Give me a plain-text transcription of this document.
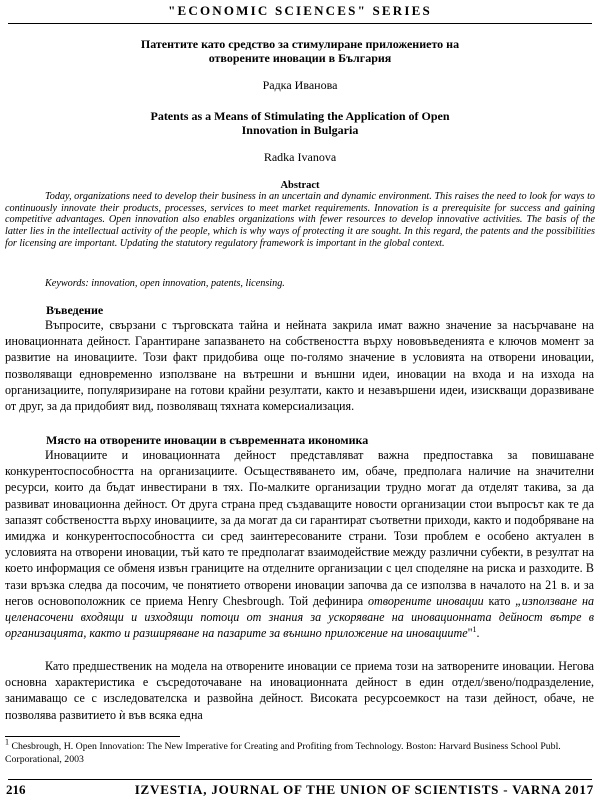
"ECONOMIC SCIENCES" SERIES
Патентите като средство за стимулиране приложението на
отворените иновации в България
Радка Иванова
Patents as a Means of Stimulating the Application of Open
Innovation in Bulgaria
Radka Ivanova
Abstract

Today, organizations need to develop their business in an uncertain and dynamic environment. This raises the need to look for ways to continuously innovate their products, processes, services to meet market requirements. Innovation is a prerequisite for success and gaining competitive advantages. Open innovation also enables organizations with fewer resources to develop innovative activities. The basis of the latter lies in the intellectual activity of the people, which is why ways of protecting it are sought. In this regard, the patents and the possibilities for licensing are important. Updating the statutory regulatory framework is important in the global context.

Keywords: innovation, open innovation, patents, licensing.
Въведение

Въпросите, свързани с търговската тайна и нейната закрила имат важно значение за насърчаване на иновационната дейност. Гарантиране запазването на собствеността върху нововъведенията е ключов момент за развитие на иновациите. Този факт придобива още по-голямо значение в условията на отворени иновации, позволяващи едновременно използване на вътрешни и външни идеи, иновации на входа и на изхода на организациите, популяризиране на готови крайни резултати, както и незавършени идеи, изискващи доразвиване от друг, за да придобият вид, позволяващ тяхната комерсиализация.

Място на отворените иновации в съвременната икономика

Иновациите и иновационната дейност представляват важна предпоставка за повишаване конкурентоспособността на организациите. Осъществяването им, обаче, предполага наличие на значителни ресурси, които да бъдат инвестирани в тях. По-малките организации трудно могат да отделят такива, за да развиват иновационна дейност. От друга страна пред създаващите новости организации стои въпросът как те да запазят собствеността върху иновациите, за да могат да си гарантират съответни приходи, както и подобряване на имиджа и конкурентоспособността си сред заинтересованите страни. Този проблем е особено актуален в условията на отворени иновации, тъй като те предполагат взаимодействие между различни субекти, в резултат на което информация се обменя извън границите на отделните организации с цел споделяне на риска и разходите. В тази връзка следва да посочим, че понятието отворени иновации започва да се използва в началото на 21 в. и за негов основоположник се приема Henry Chesbrough. Той дефинира отворените иновации като „използване на целенасочени входящи и изходящи потоци от знания за ускоряване на иновационната дейност вътре в организацията, както и разширяване на пазарите за външно приложение на иновациите"$^1$.

Като предшественик на модела на отворените иновации се приема този на затворените иновации. Негова основна характеристика е съсредоточаване на иновационната дейност в един отдел/звено/подразделение, занимаващо се с изследователска и развойна дейност. Високата ресурсоемкост на тази дейност, обаче, не позволява развитието ѝ във всяка една

$^1$ Chesbrough, H. Open Innovation: The New Imperative for Creating and Profiting from Technology. Boston: Harvard Business School Publ. Corporational, 2003

216	IZVESTIA, JOURNAL OF THE UNION OF SCIENTISTS - VARNA 2017
